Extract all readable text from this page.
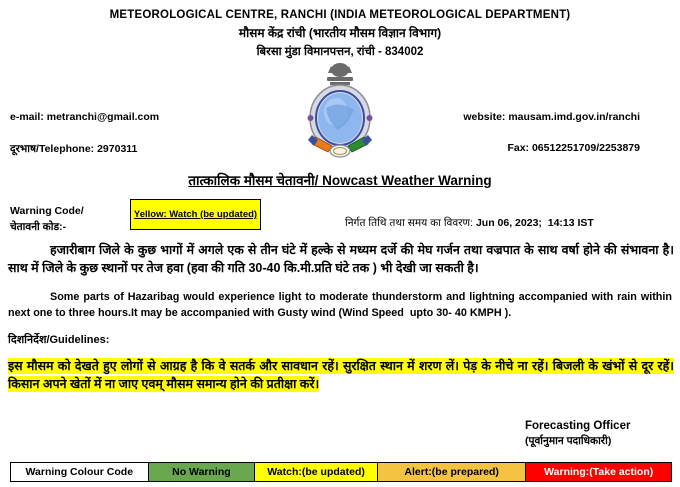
METEOROLOGICAL CENTRE, RANCHI (INDIA METEOROLOGICAL DEPARTMENT)
मौसम केंद्र रांची (भारतीय मौसम विज्ञान विभाग)
बिरसा मुंडा विमानपत्तन, रांची - 834002
e-mail: metranchi@gmail.com	website: mausam.imd.gov.in/ranchi
दूरभाष/Telephone: 2970311	Fax: 06512251709/2253879
तात्कालिक मौसम चेतावनी/ Nowcast Weather Warning
Warning Code/
चेतावनी कोड:-
Yellow: Watch (be updated)
निर्गत तिथि तथा समय का विवरण: Jun 06, 2023;  14:13 IST
हजारीबाग जिले के कुछ भागों में अगले एक से तीन घंटे में हल्के से मध्यम दर्जे की मेघ गर्जन तथा वज्रपात के साथ वर्षा होने की संभावना है। साथ में जिले के कुछ स्थानों पर तेज हवा (हवा की गति 30-40 कि.मी.प्रति घंटे तक ) भी देखी जा सकती है।
Some parts of Hazaribag would experience light to moderate thunderstorm and lightning accompanied with rain within next one to three hours.It may be accompanied with Gusty wind (Wind Speed  upto 30- 40 KMPH ).
दिशनिर्देश/Guidelines:
इस मौसम को देखते हुए लोगों से आग्रह है कि वे सतर्क और सावधान रहें। सुरक्षित स्थान में शरण लें। पेड़ के नीचे ना रहें। बिजली के खंभों से दूर रहें। किसान अपने खेतों में ना जाए एवम् मौसम समान्य होने की प्रतीक्षा करें।
Forecasting Officer
(पूर्वानुमान पदाधिकारी)
Warning Colour Code	No Warning	Watch:(be updated)	Alert:(be prepared)	Warning:(Take action)
